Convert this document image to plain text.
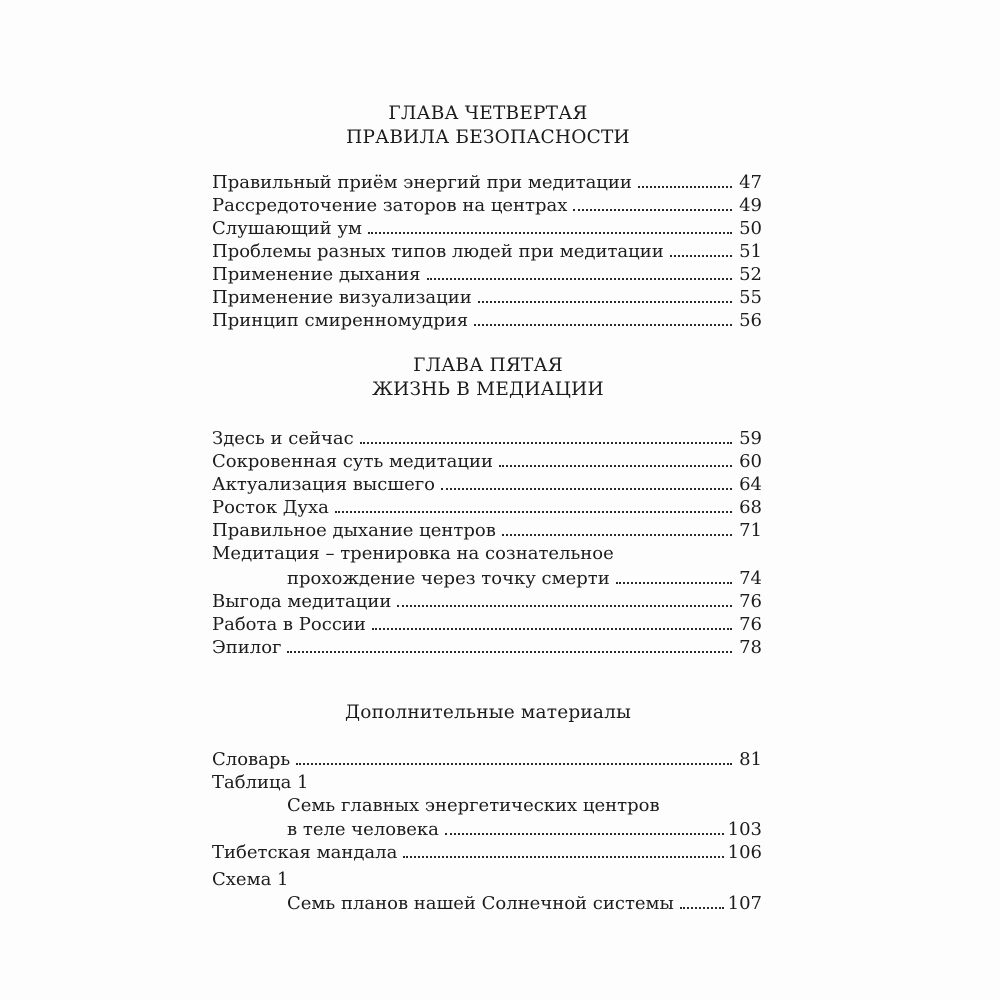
ГЛАВА ЧЕТВЕРТАЯ
ПРАВИЛА БЕЗОПАСНОСТИ
Правильный приём энергий при медитации	47
Рассредоточение заторов на центрах	49
Слушающий ум	50
Проблемы разных типов людей при медитации	51
Применение дыхания	52
Применение визуализации	55
Принцип смиренномудрия	56
ГЛАВА ПЯТАЯ
ЖИЗНЬ В МЕДИАЦИИ
Здесь и сейчас	59
Сокровенная суть медитации	60
Актуализация высшего	64
Росток Духа	68
Правильное дыхание центров	71
Медитация – тренировка на сознательное
прохождение через точку смерти	74
Выгода медитации	76
Работа в России	76
Эпилог	78
Дополнительные материалы
Словарь	81
Таблица 1
Семь главных энергетических центров
в теле человека	103
Тибетская мандала	106
Схема 1
Семь планов нашей Солнечной системы	107
